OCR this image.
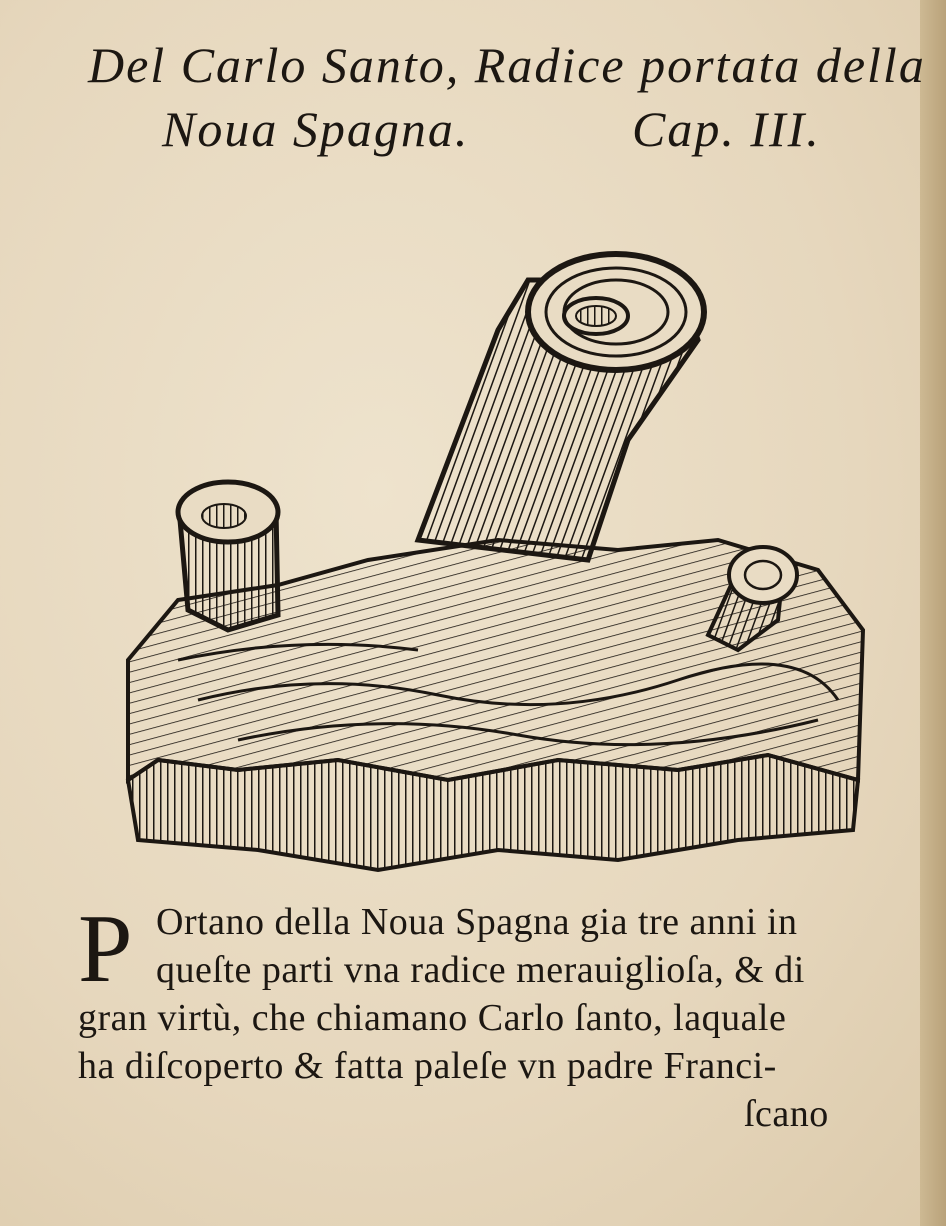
Del Carlo Santo, Radice portata della
Noua Spagna.	Cap. III.
P Ortano della Noua Spagna gia tre anni in
queſte parti vna radice merauiglioſa, & di
gran virtù, che chiamano Carlo ſanto, laquale
ha diſcoperto & fatta paleſe vn padre Franci-
ſcano
